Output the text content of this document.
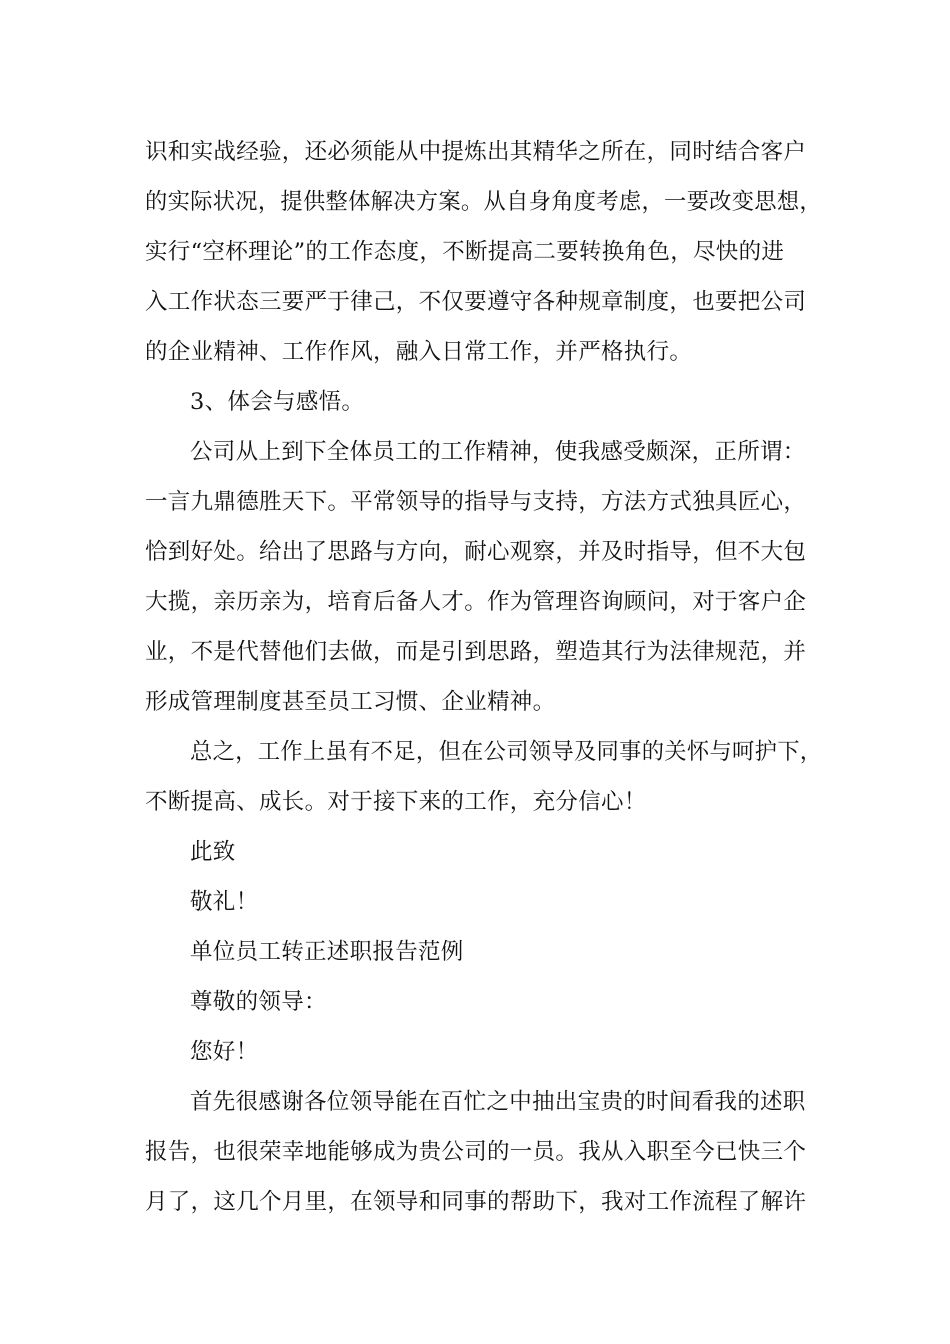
识和实战经验，还必须能从中提炼出其精华之所在，同时结合客户
的实际状况，提供整体解决方案。从自身角度考虑，一要改变思想，
实行“空杯理论”的工作态度，不断提高二要转换角色，尽快的进
入工作状态三要严于律己，不仅要遵守各种规章制度，也要把公司
的企业精神、工作作风，融入日常工作，并严格执行。
3、体会与感悟。
公司从上到下全体员工的工作精神，使我感受颇深，正所谓：
一言九鼎德胜天下。平常领导的指导与支持，方法方式独具匠心，
恰到好处。给出了思路与方向，耐心观察，并及时指导，但不大包
大揽，亲历亲为，培育后备人才。作为管理咨询顾问，对于客户企
业，不是代替他们去做，而是引到思路，塑造其行为法律规范，并
形成管理制度甚至员工习惯、企业精神。
总之，工作上虽有不足，但在公司领导及同事的关怀与呵护下，
不断提高、成长。对于接下来的工作，充分信心！
此致
敬礼！
单位员工转正述职报告范例
尊敬的领导：
您好！
首先很感谢各位领导能在百忙之中抽出宝贵的时间看我的述职
报告，也很荣幸地能够成为贵公司的一员。我从入职至今已快三个
月了，这几个月里，在领导和同事的帮助下，我对工作流程了解许
